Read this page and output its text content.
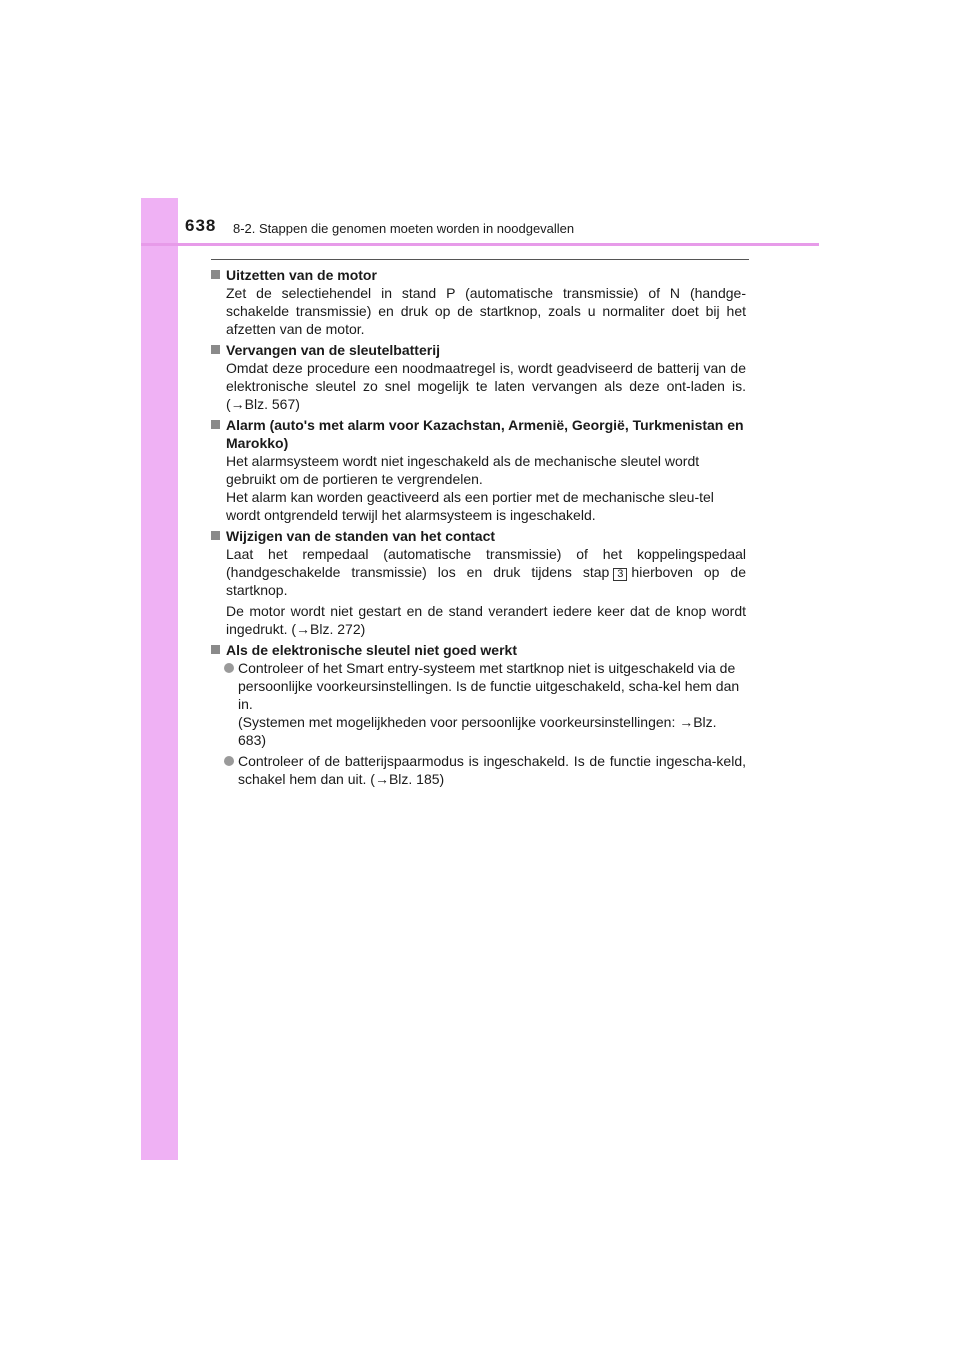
638 8-2. Stappen die genomen moeten worden in noodgevallen
Uitzetten van de motor
Zet de selectiehendel in stand P (automatische transmissie) of N (handge-schakelde transmissie) en druk op de startknop, zoals u normaliter doet bij het afzetten van de motor.
Vervangen van de sleutelbatterij
Omdat deze procedure een noodmaatregel is, wordt geadviseerd de batterij van de elektronische sleutel zo snel mogelijk te laten vervangen als deze ont-laden is. (→Blz. 567)
Alarm (auto's met alarm voor Kazachstan, Armenië, Georgië, Turkmenistan en Marokko)
Het alarmsysteem wordt niet ingeschakeld als de mechanische sleutel wordt gebruikt om de portieren te vergrendelen.
Het alarm kan worden geactiveerd als een portier met de mechanische sleu-tel wordt ontgrendeld terwijl het alarmsysteem is ingeschakeld.
Wijzigen van de standen van het contact
Laat het rempedaal (automatische transmissie) of het koppelingspedaal (handgeschakelde transmissie) los en druk tijdens stap 3 hierboven op de startknop.
De motor wordt niet gestart en de stand verandert iedere keer dat de knop wordt ingedrukt. (→Blz. 272)
Als de elektronische sleutel niet goed werkt
Controleer of het Smart entry-systeem met startknop niet is uitgeschakeld via de persoonlijke voorkeursinstellingen. Is de functie uitgeschakeld, scha-kel hem dan in.
(Systemen met mogelijkheden voor persoonlijke voorkeursinstellingen: →Blz. 683)
Controleer of de batterijspaarmodus is ingeschakeld. Is de functie ingescha-keld, schakel hem dan uit. (→Blz. 185)
